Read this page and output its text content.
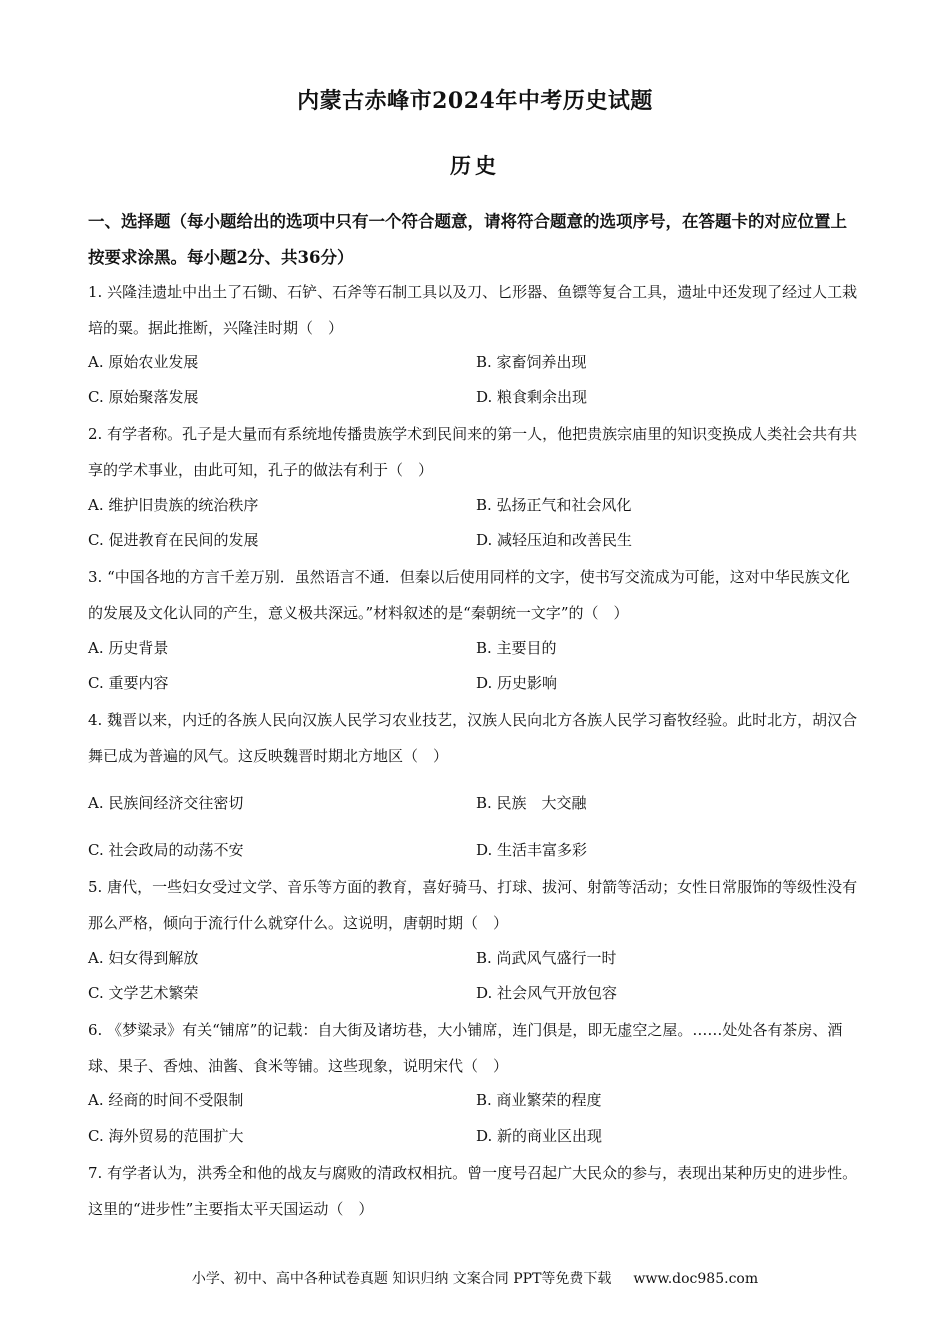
内蒙古赤峰市2024年中考历史试题
历史
一、选择题（每小题给出的选项中只有一个符合题意，请将符合题意的选项序号，在答題卡的对应位置上按要求涂黑。每小题2分、共36分）
1. 兴隆洼遗址中出土了石锄、石铲、石斧等石制工具以及刀、匕形器、鱼镖等复合工具，遗址中还发现了经过人工栽培的粟。据此推断，兴隆洼时期（　）
A. 原始农业发展	B. 家畜饲养出现
C. 原始聚落发展	D. 粮食剩余出现
2. 有学者称。孔子是大量而有系统地传播贵族学术到民间来的第一人，他把贵族宗庙里的知识变换成人类社会共有共享的学术事业，由此可知，孔子的做法有利于（　）
A. 维护旧贵族的统治秩序	B. 弘扬正气和社会风化
C. 促进教育在民间的发展	D. 减轻压迫和改善民生
3. “中国各地的方言千差万别．虽然语言不通．但秦以后使用同样的文字，使书写交流成为可能，这对中华民族文化的发展及文化认同的产生，意义极共深远。”材料叙述的是“秦朝统一文字”的（　）
A. 历史背景	B. 主要目的
C. 重要内容	D. 历史影响
4. 魏晋以来，内迁的各族人民向汉族人民学习农业技艺，汉族人民向北方各族人民学习畜牧经验。此时北方，胡汉合舞已成为普遍的风气。这反映魏晋时期北方地区（　）
A. 民族间经济交往密切	B. 民族　大交融
C. 社会政局的动荡不安	D. 生活丰富多彩
5. 唐代，一些妇女受过文学、音乐等方面的教育，喜好骑马、打球、拔河、射箭等活动；女性日常服饰的等级性没有那么严格，倾向于流行什么就穿什么。这说明，唐朝时期（　）
A. 妇女得到解放	B. 尚武风气盛行一时
C. 文学艺术繁荣	D. 社会风气开放包容
6. 《梦粱录》有关“铺席”的记载：自大街及诸坊巷，大小铺席，连门俱是，即无虚空之屋。……处处各有茶房、酒球、果子、香烛、油酱、食米等铺。这些现象，说明宋代（　）
A. 经商的时间不受限制	B. 商业繁荣的程度
C. 海外贸易的范围扩大	D. 新的商业区出现
7. 有学者认为，洪秀全和他的战友与腐败的清政权相抗。曾一度号召起广大民众的参与，表现出某种历史的进步性。这里的“进步性”主要指太平天国运动（　）
小学、初中、高中各种试卷真题 知识归纳 文案合同 PPT等免费下载 www.doc985.com
